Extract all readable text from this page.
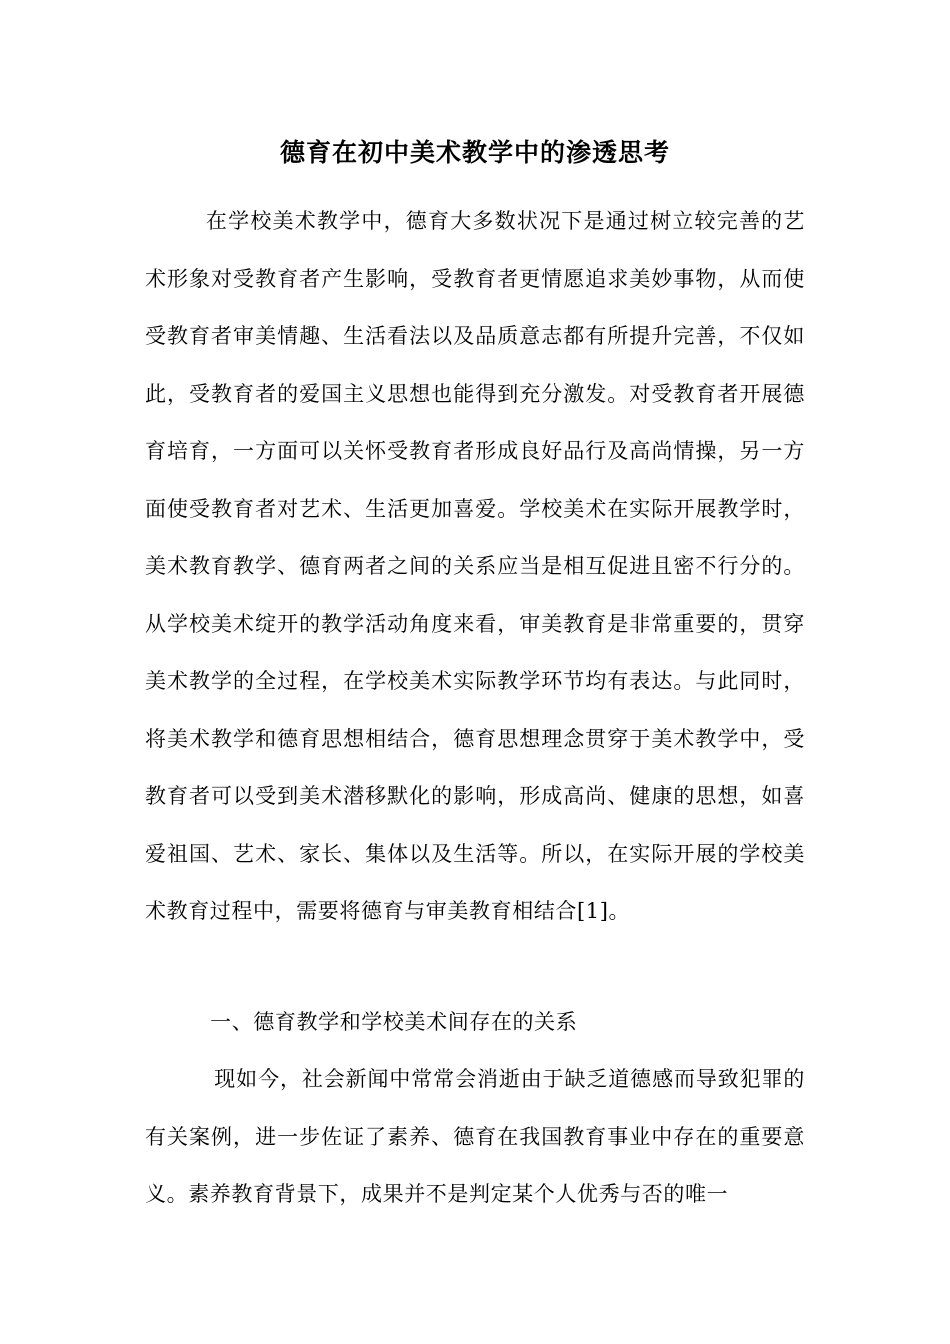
德育在初中美术教学中的渗透思考

在学校美术教学中，德育大多数状况下是通过树立较完善的艺术形象对受教育者产生影响，受教育者更情愿追求美妙事物，从而使受教育者审美情趣、生活看法以及品质意志都有所提升完善，不仅如此，受教育者的爱国主义思想也能得到充分激发。对受教育者开展德育培育，一方面可以关怀受教育者形成良好品行及高尚情操，另一方面使受教育者对艺术、生活更加喜爱。学校美术在实际开展教学时，美术教育教学、德育两者之间的关系应当是相互促进且密不行分的。从学校美术绽开的教学活动角度来看，审美教育是非常重要的，贯穿美术教学的全过程，在学校美术实际教学环节均有表达。与此同时，将美术教学和德育思想相结合，德育思想理念贯穿于美术教学中，受教育者可以受到美术潜移默化的影响，形成高尚、健康的思想，如喜爱祖国、艺术、家长、集体以及生活等。所以，在实际开展的学校美术教育过程中，需要将德育与审美教育相结合[1]。

一、德育教学和学校美术间存在的关系

现如今，社会新闻中常常会消逝由于缺乏道德感而导致犯罪的有关案例，进一步佐证了素养、德育在我国教育事业中存在的重要意义。素养教育背景下，成果并不是判定某个人优秀与否的唯一
